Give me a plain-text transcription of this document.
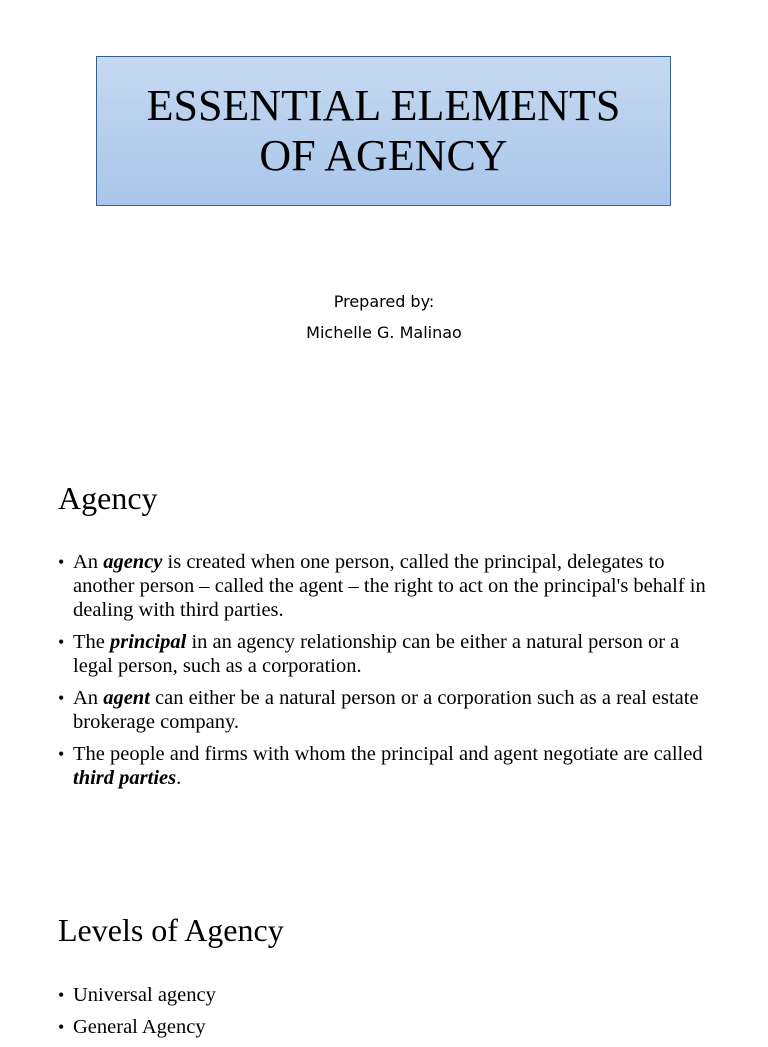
ESSENTIAL ELEMENTS
OF AGENCY
Prepared by:
Michelle G. Malinao
Agency
• An agency is created when one person, called the principal, delegates to another person – called the agent – the right to act on the principal's behalf in dealing with third parties.
• The principal in an agency relationship can be either a natural person or a legal person, such as a corporation.
• An agent can either be a natural person or a corporation such as a real estate brokerage company.
• The people and firms with whom the principal and agent negotiate are called third parties.
Levels of Agency
• Universal agency
• General Agency
